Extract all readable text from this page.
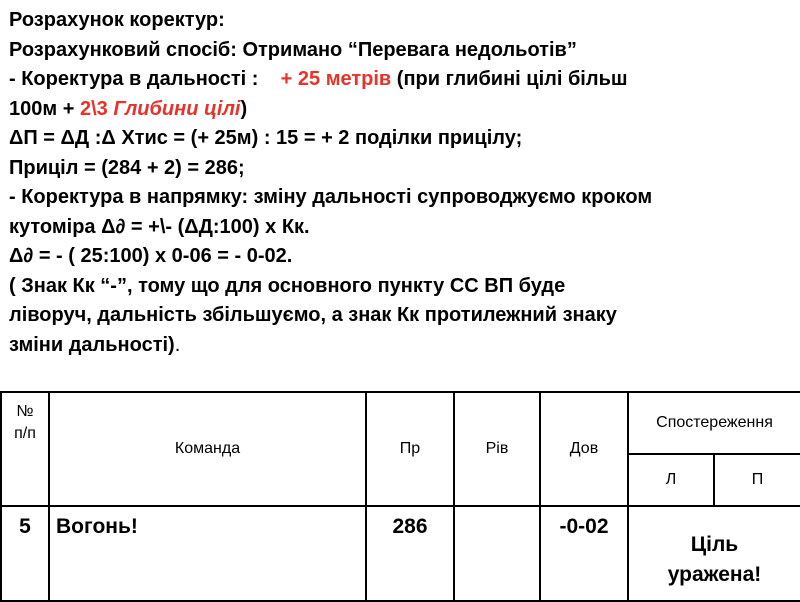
Розрахунок коректур:
Розрахунковий спосіб: Отримано “Перевага недольотів”
- Коректура в дальності : + 25 метрів (при глибині цілі більш
100м + 2\3 Глибини цілі)
ΔП = ΔД :Δ Хтис = (+ 25м) : 15 = + 2 поділки прицілу;
Приціл = (284 + 2) = 286;
- Коректура в напрямку: зміну дальності супроводжуємо кроком
кутоміра Δ∂ = +\- (ΔД:100) х Кк.
Δ∂ = - ( 25:100) х 0-06 = - 0-02.
( Знак Кк “-”, тому що для основного пункту СС ВП буде
ліворуч, дальність збільшуємо, а знак Кк протилежний знаку
зміни дальності).
№
п/п	Команда	Пр	Рів	Дов	Спостереження	
					Л	П
5	Вогонь!	286		-0-02	Ціль
уражена!	
